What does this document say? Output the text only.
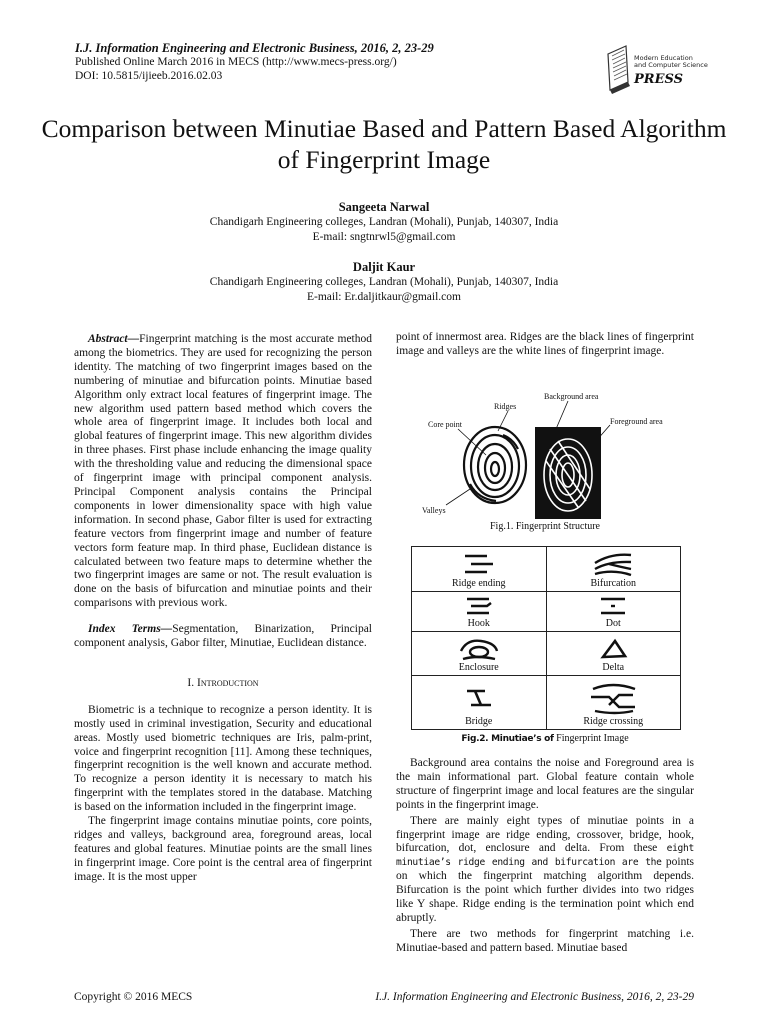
I.J. Information Engineering and Electronic Business, 2016, 2, 23-29
Published Online March 2016 in MECS (http://www.mecs-press.org/)
DOI: 10.5815/ijieeb.2016.02.03
Modern Education
and Computer Science
PRESS
Comparison between Minutiae Based and Pattern Based Algorithm of Fingerprint Image
Sangeeta Narwal
Chandigarh Engineering colleges, Landran (Mohali), Punjab, 140307, India
E-mail: sngtnrwl5@gmail.com
Daljit Kaur
Chandigarh Engineering colleges, Landran (Mohali), Punjab, 140307, India
E-mail: Er.daljitkaur@gmail.com

Abstract—Fingerprint matching is the most accurate method among the biometrics. They are used for recognizing the person identity. The matching of two fingerprint images based on the numbering of minutiae and bifurcation points. Minutiae based Algorithm only extract local features of fingerprint image. The new algorithm used pattern based method which covers the whole area of fingerprint image. It includes both local and global features of fingerprint image. This new algorithm divides in three phases. First phase include enhancing the image quality with the thresholding value and reducing the dimensional space of fingerprint image with principal component analysis. Principal Component analysis contains the Principal components in lower dimensionality space with high value information. In second phase, Gabor filter is used for extracting feature vectors from fingerprint image and number of feature vectors form feature map. In third phase, Euclidean distance is calculated between two feature maps to determine whether the two fingerprint images are same or not. The result evaluation is done on the basis of bifurcation and minutiae points and their comparisons with previous work.

Index Terms—Segmentation, Binarization, Principal component analysis, Gabor filter, Minutiae, Euclidean distance.

I. Introduction

Biometric is a technique to recognize a person identity. It is mostly used in criminal investigation, Security and educational areas. Mostly used biometric techniques are Iris, palm-print, voice and fingerprint recognition [11]. Among these techniques, fingerprint recognition is the well known and accurate method. To recognize a person identity it is necessary to match his fingerprint with the templates stored in the database. Matching is based on the information included in the fingerprint image.

The fingerprint image contains minutiae points, core points, ridges and valleys, background area, foreground areas, local features and global features. Minutiae points are the small lines in fingerprint image. Core point is the central area of fingerprint image. It is the most upper

point of innermost area. Ridges are the black lines of fingerprint image and valleys are the white lines of fingerprint image.

Ridges
Background area
Core point	Foreground area
Valleys
Fig.1. Fingerprint Structure
Ridge ending	Bifurcation

Hook	Dot

Enclosure	Delta

Bridge	Ridge crossing
Fig.2. Minutiae’s of Fingerprint Image

Background area contains the noise and Foreground area is the main informational part. Global feature contain whole structure of fingerprint image and local features are the singular points in the fingerprint image.

There are mainly eight types of minutiae points in a fingerprint image are ridge ending, crossover, bridge, hook, bifurcation, dot, enclosure and delta. From these eight minutiae’s ridge ending and bifurcation are the points on which the fingerprint matching algorithm depends. Bifurcation is the point which further divides into two ridges like Y shape. Ridge ending is the termination point which end abruptly.

There are two methods for fingerprint matching i.e. Minutiae-based and pattern based. Minutiae based

Copyright © 2016 MECS	I.J. Information Engineering and Electronic Business, 2016, 2, 23-29
